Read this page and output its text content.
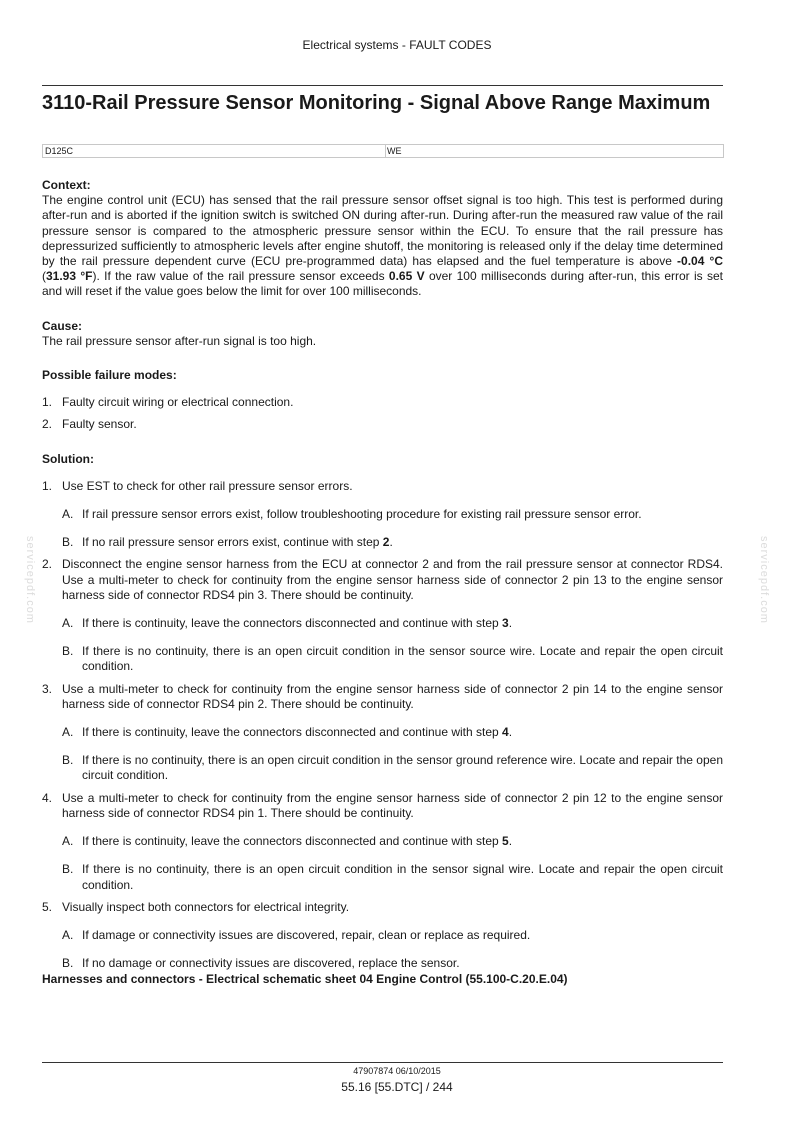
Electrical systems - FAULT CODES
3110-Rail Pressure Sensor Monitoring - Signal Above Range Maximum
D125C	WE
Context:

The engine control unit (ECU) has sensed that the rail pressure sensor offset signal is too high. This test is performed during after-run and is aborted if the ignition switch is switched ON during after-run. During after-run the measured raw value of the rail pressure sensor is compared to the atmospheric pressure sensor within the ECU. To ensure that the rail pressure has depressurized sufficiently to atmospheric levels after engine shutoff, the monitoring is released only if the delay time determined by the rail pressure dependent curve (ECU pre-programmed data) has elapsed and the fuel temperature is above -0.04 °C (31.93 °F). If the raw value of the rail pressure sensor exceeds 0.65 V over 100 milliseconds during after-run, this error is set and will reset if the value goes below the limit for over 100 milliseconds.

Cause:

The rail pressure sensor after-run signal is too high.

Possible failure modes:

1. Faulty circuit wiring or electrical connection.

2. Faulty sensor.

Solution:

1. Use EST to check for other rail pressure sensor errors.

A. If rail pressure sensor errors exist, follow troubleshooting procedure for existing rail pressure sensor error.

B. If no rail pressure sensor errors exist, continue with step 2.

2. Disconnect the engine sensor harness from the ECU at connector 2 and from the rail pressure sensor at connector RDS4. Use a multi-meter to check for continuity from the engine sensor harness side of connector 2 pin 13 to the engine sensor harness side of connector RDS4 pin 3. There should be continuity.

A. If there is continuity, leave the connectors disconnected and continue with step 3.

B. If there is no continuity, there is an open circuit condition in the sensor source wire. Locate and repair the open circuit condition.

3. Use a multi-meter to check for continuity from the engine sensor harness side of connector 2 pin 14 to the engine sensor harness side of connector RDS4 pin 2. There should be continuity.

A. If there is continuity, leave the connectors disconnected and continue with step 4.

B. If there is no continuity, there is an open circuit condition in the sensor ground reference wire. Locate and repair the open circuit condition.

4. Use a multi-meter to check for continuity from the engine sensor harness side of connector 2 pin 12 to the engine sensor harness side of connector RDS4 pin 1. There should be continuity.

A. If there is continuity, leave the connectors disconnected and continue with step 5.

B. If there is no continuity, there is an open circuit condition in the sensor signal wire. Locate and repair the open circuit condition.

5. Visually inspect both connectors for electrical integrity.

A. If damage or connectivity issues are discovered, repair, clean or replace as required.

B. If no damage or connectivity issues are discovered, replace the sensor.

Harnesses and connectors - Electrical schematic sheet 04 Engine Control (55.100-C.20.E.04)

servicepdf.com	servicepdf.com
47907874 06/10/2015
55.16 [55.DTC] / 244
